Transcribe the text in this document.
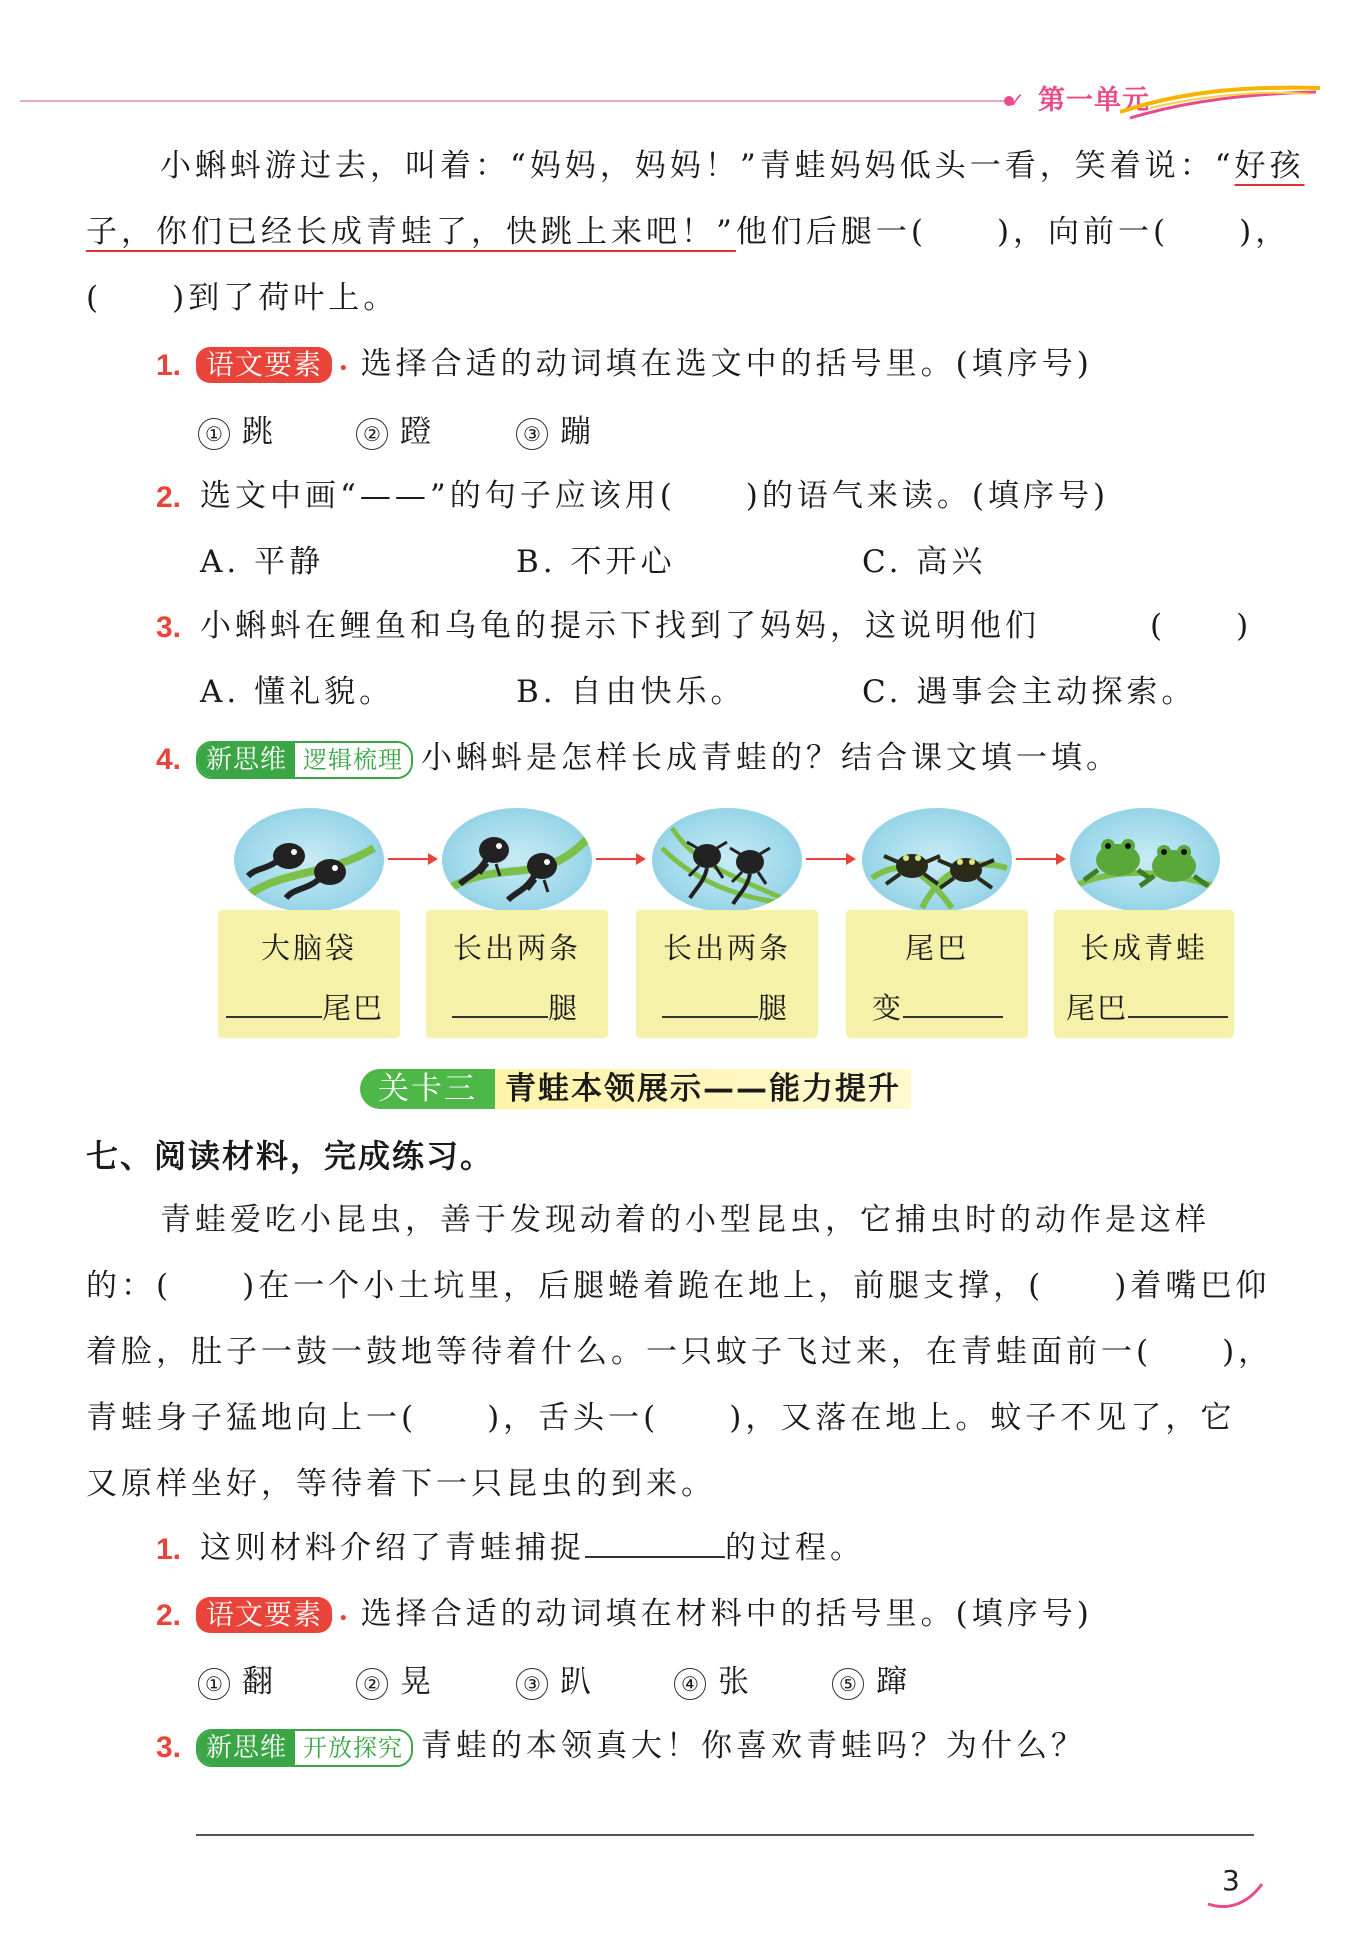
✓ 第一单元
小蝌蚪游过去，叫着：“妈妈，妈妈！”青蛙妈妈低头一看，笑着说：“好孩
子，你们已经长成青蛙了，快跳上来吧！”他们后腿一(　　)，向前一(　　)，
(　　)到了荷叶上。
1. 语文要素 • 选择合适的动词填在选文中的括号里。(填序号)
① 跳	② 蹬	③ 蹦
2. 选文中画“——”的句子应该用(　　)的语气来读。(填序号)
A. 平静	B. 不开心	C. 高兴
3. 小蝌蚪在鲤鱼和乌龟的提示下找到了妈妈，这说明他们	(　　)
A. 懂礼貌。	B. 自由快乐。	C. 遇事会主动探索。
4. 新思维 逻辑梳理 小蝌蚪是怎样长成青蛙的？结合课文填一填。
大脑袋
尾巴
长出两条
腿
长出两条
腿
尾巴
变
长成青蛙
尾巴
关卡三 青蛙本领展示——能力提升
七、阅读材料，完成练习。
青蛙爱吃小昆虫，善于发现动着的小型昆虫，它捕虫时的动作是这样
的：(　　)在一个小土坑里，后腿蜷着跪在地上，前腿支撑，(　　)着嘴巴仰
着脸，肚子一鼓一鼓地等待着什么。一只蚊子飞过来，在青蛙面前一(　　)，
青蛙身子猛地向上一(　　)，舌头一(　　)，又落在地上。蚊子不见了，它
又原样坐好，等待着下一只昆虫的到来。
1. 这则材料介绍了青蛙捕捉	的过程。
2. 语文要素 • 选择合适的动词填在材料中的括号里。(填序号)
① 翻	② 晃	③ 趴	④ 张	⑤ 蹿
3. 新思维 开放探究 青蛙的本领真大！你喜欢青蛙吗？为什么？
3
